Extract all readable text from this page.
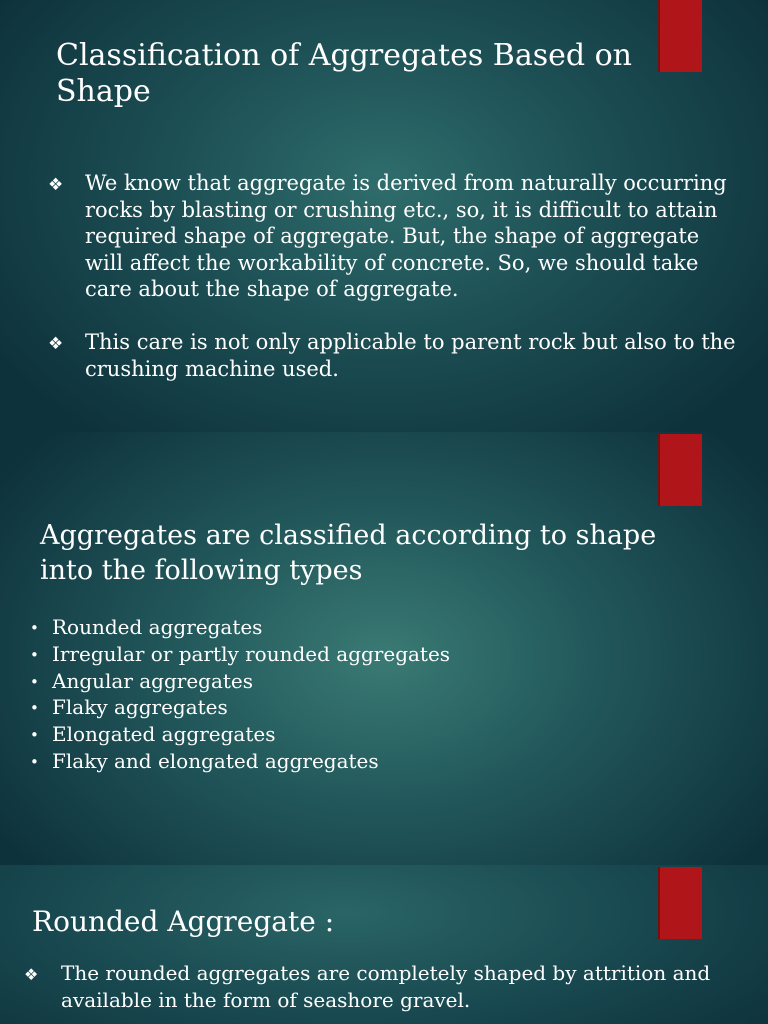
Classification of Aggregates Based on Shape
❖ We know that aggregate is derived from naturally occurring rocks by blasting or crushing etc., so, it is difficult to attain required shape of aggregate. But, the shape of aggregate will affect the workability of concrete. So, we should take care about the shape of aggregate.
❖ This care is not only applicable to parent rock but also to the crushing machine used.
Aggregates are classified according to shape into the following types
• Rounded aggregates
• Irregular or partly rounded aggregates
• Angular aggregates
• Flaky aggregates
• Elongated aggregates
• Flaky and elongated aggregates
Rounded Aggregate :
❖ The rounded aggregates are completely shaped by attrition and available in the form of seashore gravel.
